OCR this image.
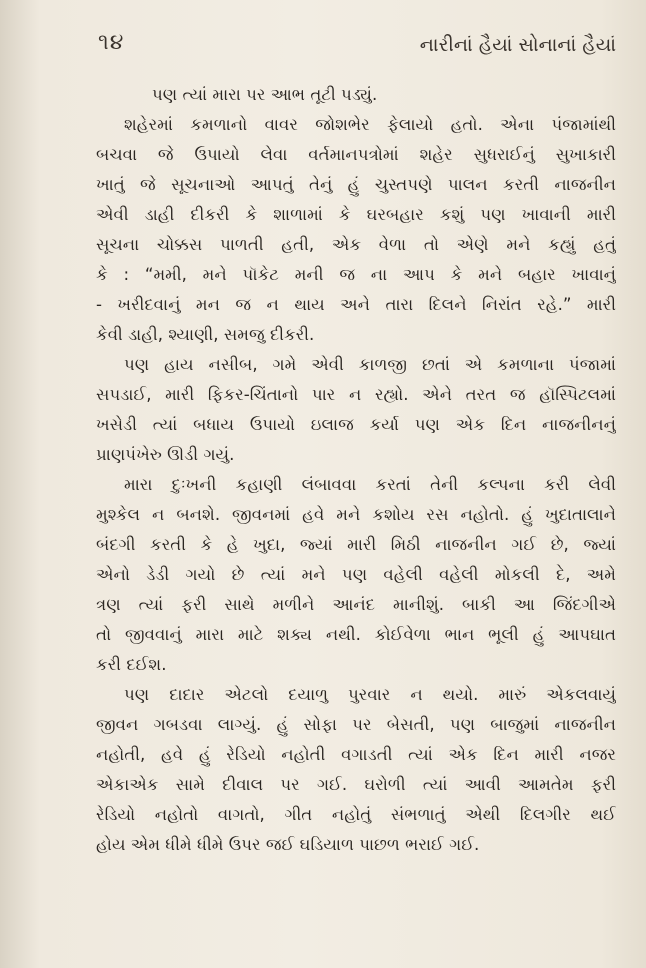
૧૪	નારીનાં હૈયાં સોનાનાં હૈયાં
પણ ત્યાં મારા પર આભ તૂટી પડ્યું.
શહેરમાં કમળાનો વાવર જોશભેર ફેલાયો હતો. એના પંજામાંથી
બચવા જે ઉપાયો લેવા વર્તમાનપત્રોમાં શહેર સુધરાઈનું સુખાકારી
ખાતું જે સૂચનાઓ આપતું તેનું હું ચુસ્તપણે પાલન કરતી નાજનીન
એવી ડાહી દીકરી કે શાળામાં કે ઘરબહાર કશું પણ ખાવાની મારી
સૂચના ચોક્કસ પાળતી હતી, એક વેળા તો એણે મને કહ્યું હતું
કે : “મમી, મને પૉકેટ મની જ ના આપ કે મને બહાર ખાવાનું
- ખરીદવાનું મન જ ન થાય અને તારા દિલને નિરાંત રહે.” મારી
કેવી ડાહી, શ્યાણી, સમજુ દીકરી.
પણ હાય નસીબ, ગમે એવી કાળજી છતાં એ કમળાના પંજામાં
સપડાઈ, મારી ફિકર-ચિંતાનો પાર ન રહ્યો. એને તરત જ હૉસ્પિટલમાં
ખસેડી ત્યાં બધાય ઉપાયો ઇલાજ કર્યા પણ એક દિન નાજનીનનું
પ્રાણપંખેરુ ઊડી ગયું.
મારા દુઃખની કહાણી લંબાવવા કરતાં તેની કલ્પના કરી લેવી
મુશ્કેલ ન બનશે. જીવનમાં હવે મને કશોય રસ નહોતો. હું ખુદાતાલાને
બંદગી કરતી કે હે ખુદા, જ્યાં મારી મિઠી નાજનીન ગઈ છે, જ્યાં
એનો ડેડી ગયો છે ત્યાં મને પણ વહેલી વહેલી મોકલી દે, અમે
ત્રણ ત્યાં ફરી સાથે મળીને આનંદ માનીશું. બાકી આ જિંદગીએ
તો જીવવાનું મારા માટે શક્ય નથી. કોઈવેળા ભાન ભૂલી હું આપઘાત
કરી દઈશ.
પણ દાદાર એટલો દયાળુ પુરવાર ન થયો. મારું એકલવાયું
જીવન ગબડવા લાગ્યું. હું સોફા પર બેસતી, પણ બાજુમાં નાજનીન
નહોતી, હવે હું રેડિયો નહોતી વગાડતી ત્યાં એક દિન મારી નજર
એકાએક સામે દીવાલ પર ગઈ. ઘરોળી ત્યાં આવી આમતેમ ફરી
રેડિયો નહોતો વાગતો, ગીત નહોતું સંભળાતું એથી દિલગીર થઈ
હોય એમ ધીમે ધીમે ઉપર જઈ ઘડિયાળ પાછળ ભરાઈ ગઈ.
